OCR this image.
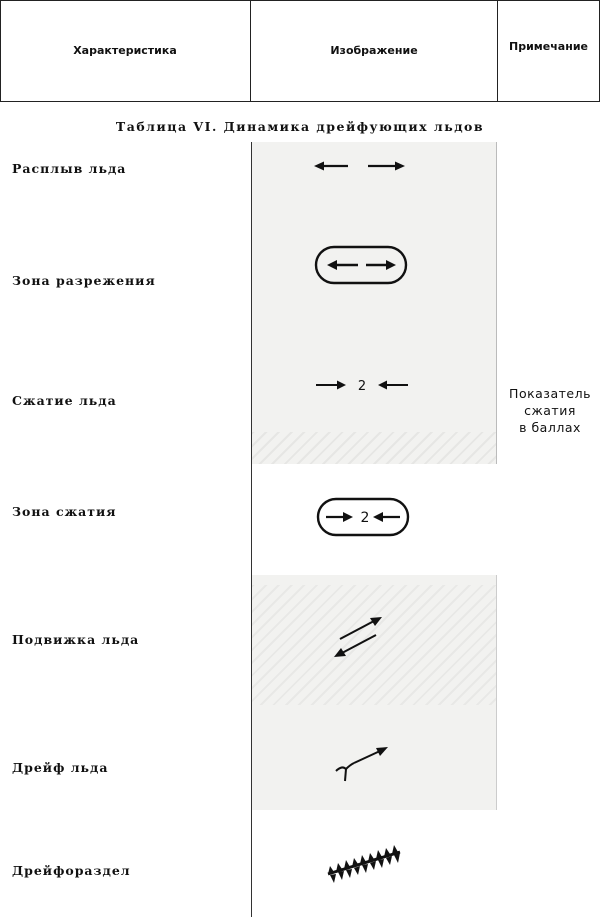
Характеристика	Изображение	Примечание
Таблица VI. Динамика дрейфующих льдов
Расплыв льда
Зона разрежения
Сжатие льда
Зона сжатия
Подвижка льда
Дрейф льда
Дрейфораздел
Показатель
сжатия
в баллах
2
2
